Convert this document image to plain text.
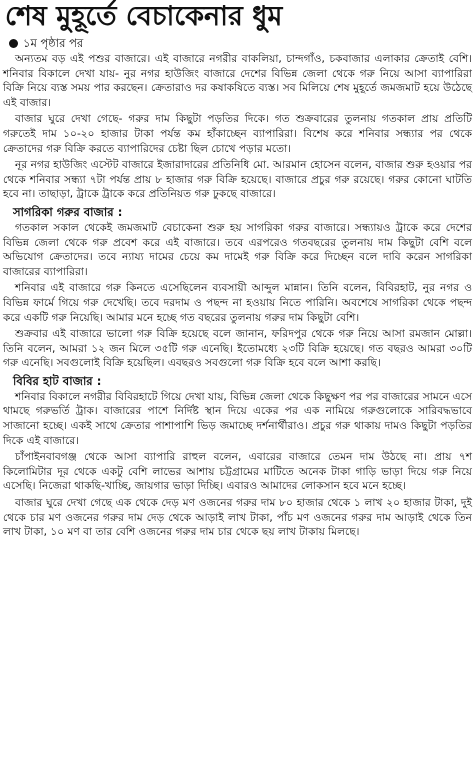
শেষ মুহূর্তে বেচাকেনার ধুম
১ম পৃষ্ঠার পর

অন্যতম বড় এই পশুর বাজারে। এই বাজারে নগরীর বাকলিয়া, চান্দগাঁও, চকবাজার এলাকার ক্রেতাই বেশি। শনিবার বিকালে দেখা যায়- নুর নগর হাউজিং বাজারে দেশের বিভিন্ন জেলা থেকে গরু নিয়ে আসা ব্যাপারিরা বিক্রি নিয়ে ব্যস্ত সময় পার করছেন। ক্রেতারাও দর কষাকষিতে ব্যস্ত। সব মিলিয়ে শেষ মুহূর্তে জমজমাট হয়ে উঠেছে এই বাজার।

বাজার ঘুরে দেখা গেছে- গরুর দাম কিছুটা পড়তির দিকে। গত শুক্রবারের তুলনায় গতকাল প্রায় প্রতিটি গরুতেই দাম ১০-২০ হাজার টাকা পর্যন্ত কম হাঁকাচ্ছেন ব্যাপারিরা। বিশেষ করে শনিবার সন্ধ্যার পর থেকে ক্রেতাদের গরু বিক্রি করতে ব্যাপারিদের চেষ্টা ছিল চোখে পড়ার মতো।

নূর নগর হাউজিং এস্টেট বাজারে ইজারাদারের প্রতিনিধি মো. আরমান হোসেন বলেন, বাজার শুরু হওয়ার পর থেকে শনিবার সন্ধ্যা ৭টা পর্যন্ত প্রায় ৮ হাজার গরু বিক্রি হয়েছে। বাজারে প্রচুর গরু রয়েছে। গরুর কোনো ঘাটতি হবে না। তাছাড়া, ট্রাকে ট্রাকে করে প্রতিনিয়ত গরু ঢুকছে বাজারে।

সাগরিকা গরুর বাজার :

গতকাল সকাল থেকেই জমজমাট বেচাকেনা শুরু হয় সাগরিকা গরুর বাজারে। সন্ধ্যায়ও ট্রাকে করে দেশের বিভিন্ন জেলা থেকে গরু প্রবেশ করে এই বাজারে। তবে এরপরেও গতবছরের তুলনায় দাম কিছুটা বেশি বলে অভিযোগ ক্রেতাদের। তবে ন্যায্য দামের চেয়ে কম দামেই গরু বিক্রি করে দিচ্ছেন বলে দাবি করেন সাগরিকা বাজারের ব্যাপারিরা।

শনিবার এই বাজারে গরু কিনতে এসেছিলেন ব্যবসায়ী আব্দুল মান্নান। তিনি বলেন, বিবিরহাট, নুর নগর ও বিভিন্ন ফার্মে গিয়ে গরু দেখেছি। তবে দরদাম ও পছন্দ না হওয়ায় নিতে পারিনি। অবশেষে সাগরিকা থেকে পছন্দ করে একটি গরু নিয়েছি। আমার মনে হচ্ছে গত বছরের তুলনায় গরুর দাম কিছুটা বেশি।

শুক্রবার এই বাজারে ভালো গরু বিক্রি হয়েছে বলে জানান, ফরিদপুর থেকে গরু নিয়ে আসা রমজান মোল্লা। তিনি বলেন, আমরা ১২ জন মিলে ৩৫টি গরু এনেছি। ইতোমধ্যে ২৩টি বিক্রি হয়েছে। গত বছরও আমরা ৩০টি গরু এনেছি। সবগুলোই বিক্রি হয়েছিল। এবছরও সবগুলো গরু বিক্রি হবে বলে আশা করছি।

বিবির হাট বাজার :

শনিবার বিকালে নগরীর বিবিরহাটে গিয়ে দেখা যায়, বিভিন্ন জেলা থেকে কিছুক্ষণ পর পর বাজারের সামনে এসে থামছে গরুভর্তি ট্রাক। বাজারের পাশে নির্দিষ্ট স্থান দিয়ে একের পর এক নামিয়ে গরুগুলোকে সারিবদ্ধভাবে সাজানো হচ্ছে। একই সাথে ক্রেতার পাশাপাশি ভিড় জমাচ্ছে দর্শনার্থীরাও। প্রচুর গরু থাকায় দামও কিছুটা পড়তির দিকে এই বাজারে।

চাঁপাইনবাবগঞ্জ থেকে আসা ব্যাপারি রাহুল বলেন, এবারের বাজারে তেমন দাম উঠছে না। প্রায় ৭শ কিলোমিটার দূর থেকে একটু বেশি লাভের আশায় চট্টগ্রামের মাটিতে অনেক টাকা গাড়ি ভাড়া দিয়ে গরু নিয়ে এসেছি। নিজেরা থাকছি-খাচ্ছি, জায়গার ভাড়া দিচ্ছি। এবারও আমাদের লোকসান হবে মনে হচ্ছে।

বাজার ঘুরে দেখা গেছে এক থেকে দেড় মণ ওজনের গরুর দাম ৮০ হাজার থেকে ১ লাখ ২০ হাজার টাকা, দুই থেকে চার মণ ওজনের গরুর দাম দেড় থেকে আড়াই লাখ টাকা, পাঁচ মণ ওজনের গরুর দাম আড়াই থেকে তিন লাখ টাকা, ১০ মণ বা তার বেশি ওজনের গরুর দাম চার থেকে ছয় লাখ টাকায় মিলছে।
